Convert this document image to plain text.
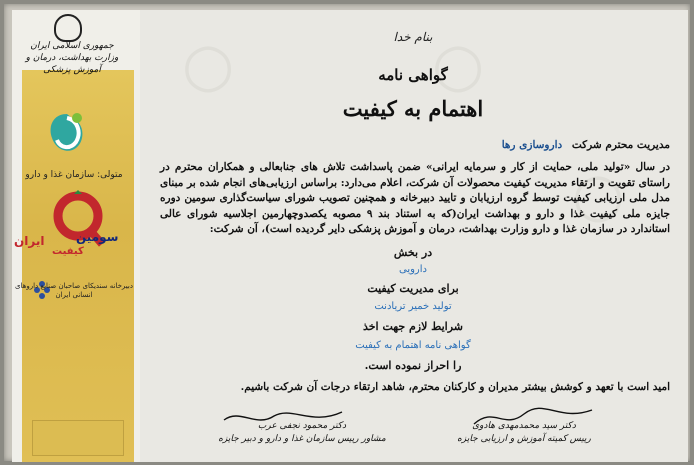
○	○
○
جمهوری اسلامی ایران
وزارت بهداشت، درمان و آموزش پزشکی
متولی: سازمان غذا و دارو
سومین
ایران
کیفیت
دبیرخانه سندیکای صاحبان صنایع داروهای انسانی ایران
بنام خدا
گواهی نامه
اهتمام به کیفیت
مدیریت محترم شرکت داروسازی رها
در سال «تولید ملی، حمایت از کار و سرمایه ایرانی» ضمن پاسداشت تلاش های جنابعالی و همکاران محترم در راستای تقویت و ارتقاء مدیریت کیفیت محصولات آن شرکت، اعلام می‌دارد: براساس ارزیابی‌های انجام شده بر مبنای مدل ملی ارزیابی کیفیت توسط گروه ارزیابان و تایید دبیرخانه و همچنین تصویب شورای سیاست‌گذاری سومین دوره جایزه ملی کیفیت غذا و دارو و بهداشت ایران(که به استناد بند ۹ مصوبه یکصدوچهارمین اجلاسیه شورای عالی استاندارد در سازمان غذا و دارو وزارت بهداشت، درمان و آموزش پزشکی دایر گردیده است)، آن شرکت:
در بخش
دارویی
برای مدیریت کیفیت
تولید خمیر تریادنت
شرایط لازم جهت اخذ
گواهی نامه اهتمام به کیفیت
را احراز نموده است.
امید است با تعهد و کوشش بیشتر مدیران و کارکنان محترم، شاهد ارتقاء درجات آن شرکت باشیم.
دکتر سید محمدمهدی هادوی
رییس کمیته آموزش و ارزیابی جایزه
دکتر محمود نجفی عرب
مشاور رییس سازمان غذا و دارو و دبیر جایزه
